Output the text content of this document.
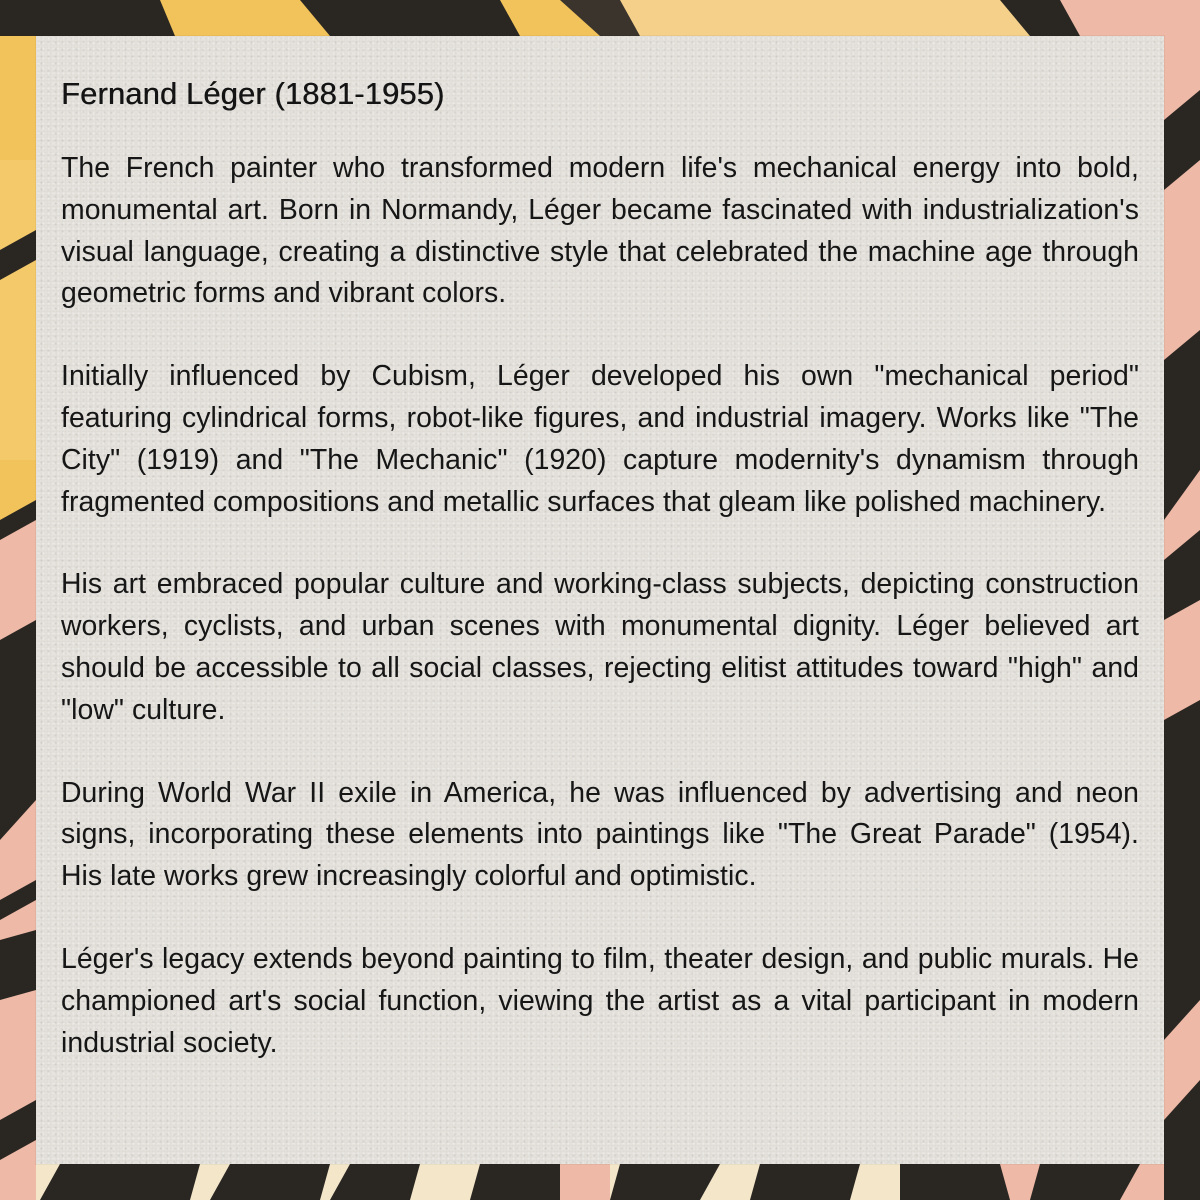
Fernand Léger (1881-1955)

The French painter who transformed modern life's mechanical energy into bold, monumental art. Born in Normandy, Léger became fascinated with industrialization's visual language, creating a distinctive style that celebrated the machine age through geometric forms and vibrant colors.

Initially influenced by Cubism, Léger developed his own "mechanical period" featuring cylindrical forms, robot-like figures, and industrial imagery. Works like "The City" (1919) and "The Mechanic" (1920) capture modernity's dynamism through fragmented compositions and metallic surfaces that gleam like polished machinery.

His art embraced popular culture and working-class subjects, depicting construction workers, cyclists, and urban scenes with monumental dignity. Léger believed art should be accessible to all social classes, rejecting elitist attitudes toward "high" and "low" culture.

During World War II exile in America, he was influenced by advertising and neon signs, incorporating these elements into paintings like "The Great Parade" (1954). His late works grew increasingly colorful and optimistic.

Léger's legacy extends beyond painting to film, theater design, and public murals. He championed art's social function, viewing the artist as a vital participant in modern industrial society.
